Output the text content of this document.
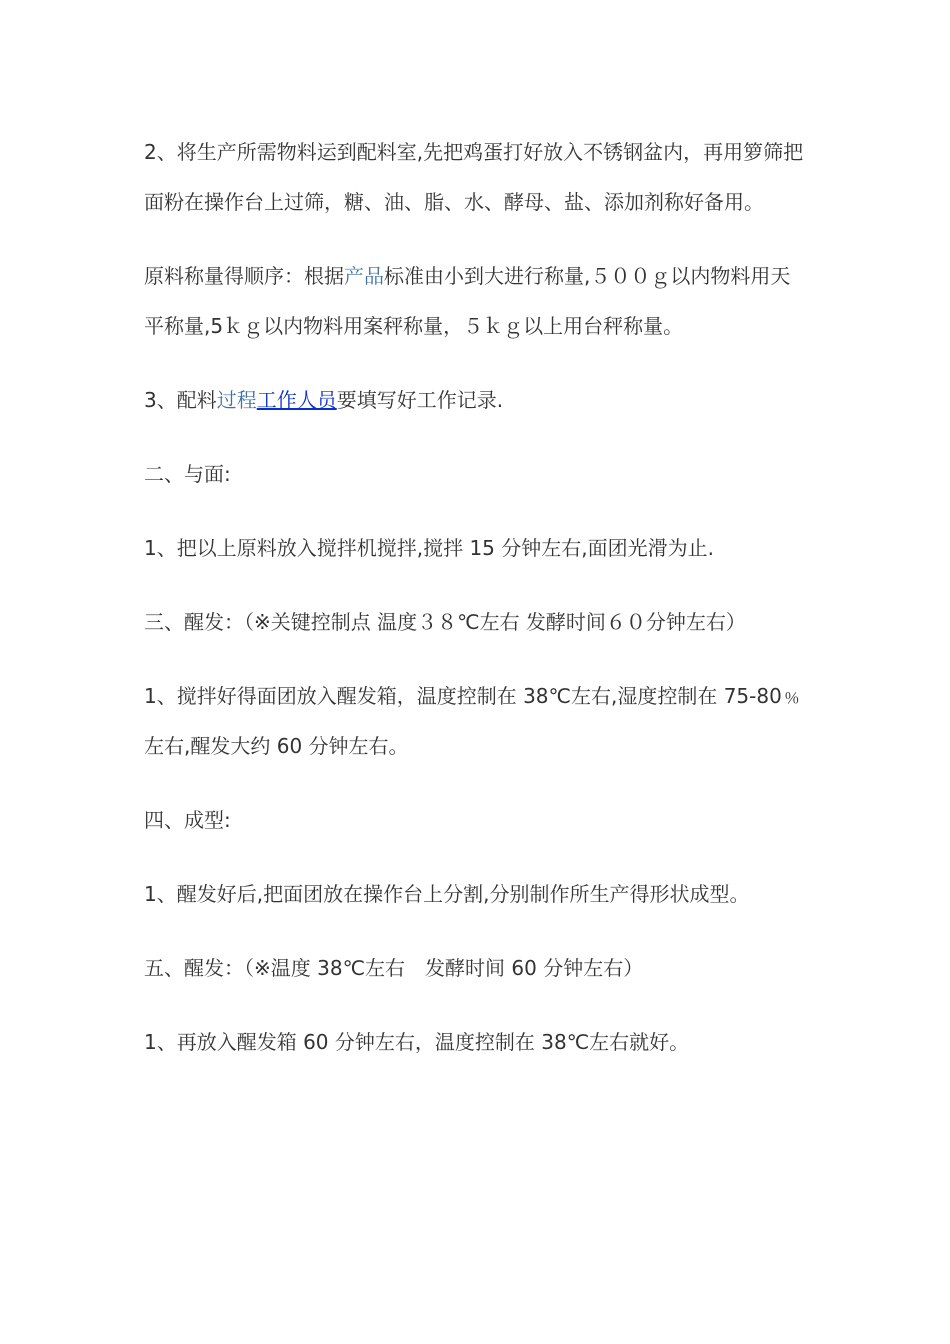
2、将生产所需物料运到配料室,先把鸡蛋打好放入不锈钢盆内，再用箩筛把面粉在操作台上过筛，糖、油、脂、水、酵母、盐、添加剂称好备用。

原料称量得顺序：根据产品标准由小到大进行称量,５００ｇ以内物料用天平称量,5ｋｇ以内物料用案秤称量，５ｋｇ以上用台秤称量。

3、配料过程工作人员要填写好工作记录.

二、与面:

1、把以上原料放入搅拌机搅拌,搅拌 15 分钟左右,面团光滑为止.

三、醒发：（※关键控制点 温度３８℃左右 发酵时间６０分钟左右）

1、搅拌好得面团放入醒发箱，温度控制在 38℃左右,湿度控制在 75-80﹪左右,醒发大约 60 分钟左右。

四、成型:

1、醒发好后,把面团放在操作台上分割,分别制作所生产得形状成型。

五、醒发：（※温度 38℃左右　发酵时间 60 分钟左右）

1、再放入醒发箱 60 分钟左右，温度控制在 38℃左右就好。
